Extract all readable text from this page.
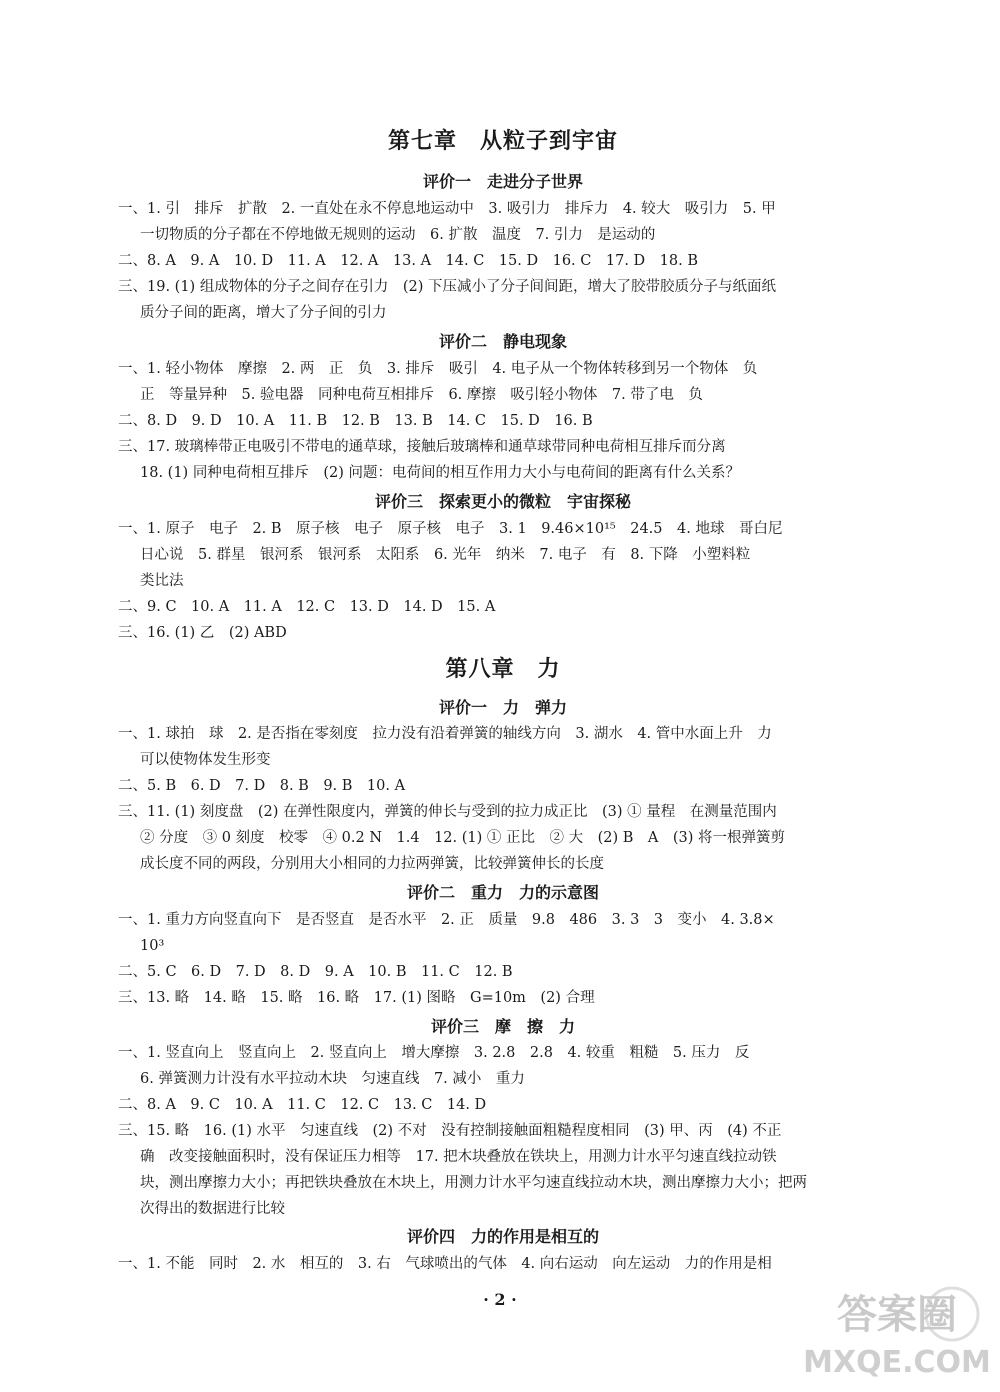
第七章　从粒子到宇宙
评价一　走进分子世界
一、1. 引　排斥　扩散　2. 一直处在永不停息地运动中　3. 吸引力　排斥力　4. 较大　吸引力　5. 甲
一切物质的分子都在不停地做无规则的运动　6. 扩散　温度　7. 引力　是运动的
二、8. A　9. A　10. D　11. A　12. A　13. A　14. C　15. D　16. C　17. D　18. B
三、19. (1) 组成物体的分子之间存在引力　(2) 下压减小了分子间间距，增大了胶带胶质分子与纸面纸
质分子间的距离，增大了分子间的引力
评价二　静电现象
一、1. 轻小物体　摩擦　2. 两　正　负　3. 排斥　吸引　4. 电子从一个物体转移到另一个物体　负
正　等量异种　5. 验电器　同种电荷互相排斥　6. 摩擦　吸引轻小物体　7. 带了电　负
二、8. D　9. D　10. A　11. B　12. B　13. B　14. C　15. D　16. B
三、17. 玻璃棒带正电吸引不带电的通草球，接触后玻璃棒和通草球带同种电荷相互排斥而分离
18. (1) 同种电荷相互排斥　(2) 问题：电荷间的相互作用力大小与电荷间的距离有什么关系？
评价三　探索更小的微粒　宇宙探秘
一、1. 原子　电子　2. B　原子核　电子　原子核　电子　3. 1　9.46×10¹⁵　24.5　4. 地球　哥白尼
日心说　5. 群星　银河系　银河系　太阳系　6. 光年　纳米　7. 电子　有　8. 下降　小塑料粒
类比法
二、9. C　10. A　11. A　12. C　13. D　14. D　15. A
三、16. (1) 乙　(2) ABD
第八章　力
评价一　力　弹力
一、1. 球拍　球　2. 是否指在零刻度　拉力没有沿着弹簧的轴线方向　3. 湖水　4. 管中水面上升　力
可以使物体发生形变
二、5. B　6. D　7. D　8. B　9. B　10. A
三、11. (1) 刻度盘　(2) 在弹性限度内，弹簧的伸长与受到的拉力成正比　(3) ① 量程　在测量范围内
② 分度　③ 0 刻度　校零　④ 0.2 N　1.4　12. (1) ① 正比　② 大　(2) B　A　(3) 将一根弹簧剪
成长度不同的两段，分别用大小相同的力拉两弹簧，比较弹簧伸长的长度
评价二　重力　力的示意图
一、1. 重力方向竖直向下　是否竖直　是否水平　2. 正　质量　9.8　486　3. 3　3　变小　4. 3.8×
10³
二、5. C　6. D　7. D　8. D　9. A　10. B　11. C　12. B
三、13. 略　14. 略　15. 略　16. 略　17. (1) 图略　G=10m　(2) 合理
评价三　摩　擦　力
一、1. 竖直向上　竖直向上　2. 竖直向上　增大摩擦　3. 2.8　2.8　4. 较重　粗糙　5. 压力　反
6. 弹簧测力计没有水平拉动木块　匀速直线　7. 减小　重力
二、8. A　9. C　10. A　11. C　12. C　13. C　14. D
三、15. 略　16. (1) 水平　匀速直线　(2) 不对　没有控制接触面粗糙程度相同　(3) 甲、丙　(4) 不正
确　改变接触面积时，没有保证压力相等　17. 把木块叠放在铁块上，用测力计水平匀速直线拉动铁
块，测出摩擦力大小；再把铁块叠放在木块上，用测力计水平匀速直线拉动木块，测出摩擦力大小；把两
次得出的数据进行比较
评价四　力的作用是相互的
一、1. 不能　同时　2. 水　相互的　3. 右　气球喷出的气体　4. 向右运动　向左运动　力的作用是相
· 2 ·	答案圈
MXQE.COM
